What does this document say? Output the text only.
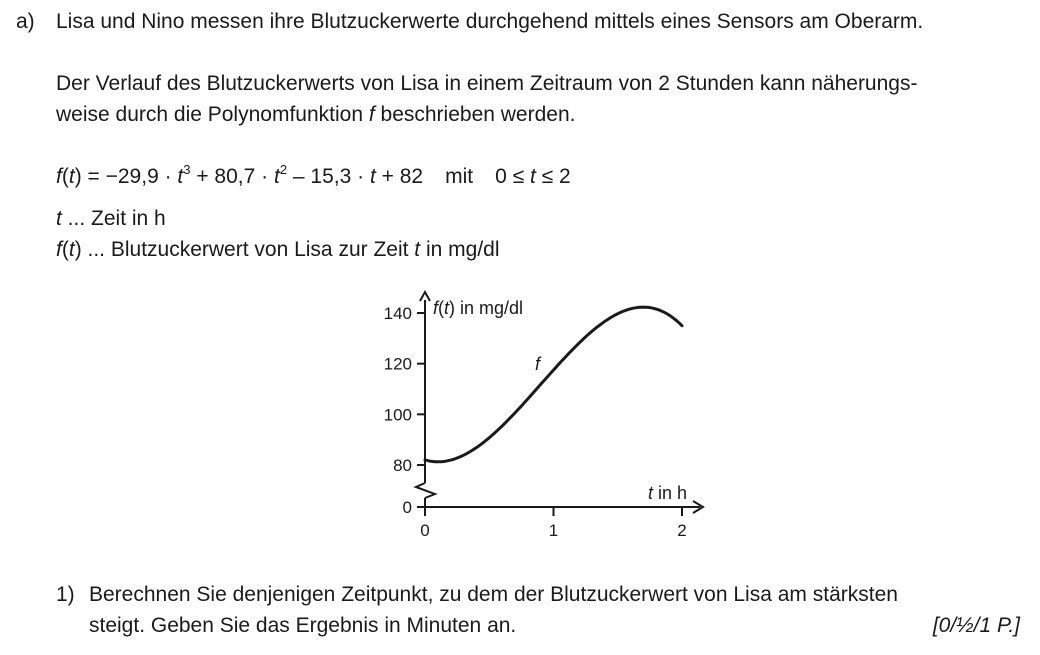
a) Lisa und Nino messen ihre Blutzuckerwerte durchgehend mittels eines Sensors am Oberarm.
Der Verlauf des Blutzuckerwerts von Lisa in einem Zeitraum von 2 Stunden kann näherungs-
weise durch die Polynomfunktion f beschrieben werden.
$f(t) = -29,9 \cdot t^3 + 80,7 \cdot t^2 - 15,3 \cdot t + 82$ mit 0 ≤ t ≤ 2
t ... Zeit in h
f(t) ... Blutzuckerwert von Lisa zur Zeit t in mg/dl
0
80
100
120
140
0	1	2
f(t) in mg/dl
t in h
f
1) Berechnen Sie denjenigen Zeitpunkt, zu dem der Blutzuckerwert von Lisa am stärksten
steigt. Geben Sie das Ergebnis in Minuten an.	[0/½/1 P.]
